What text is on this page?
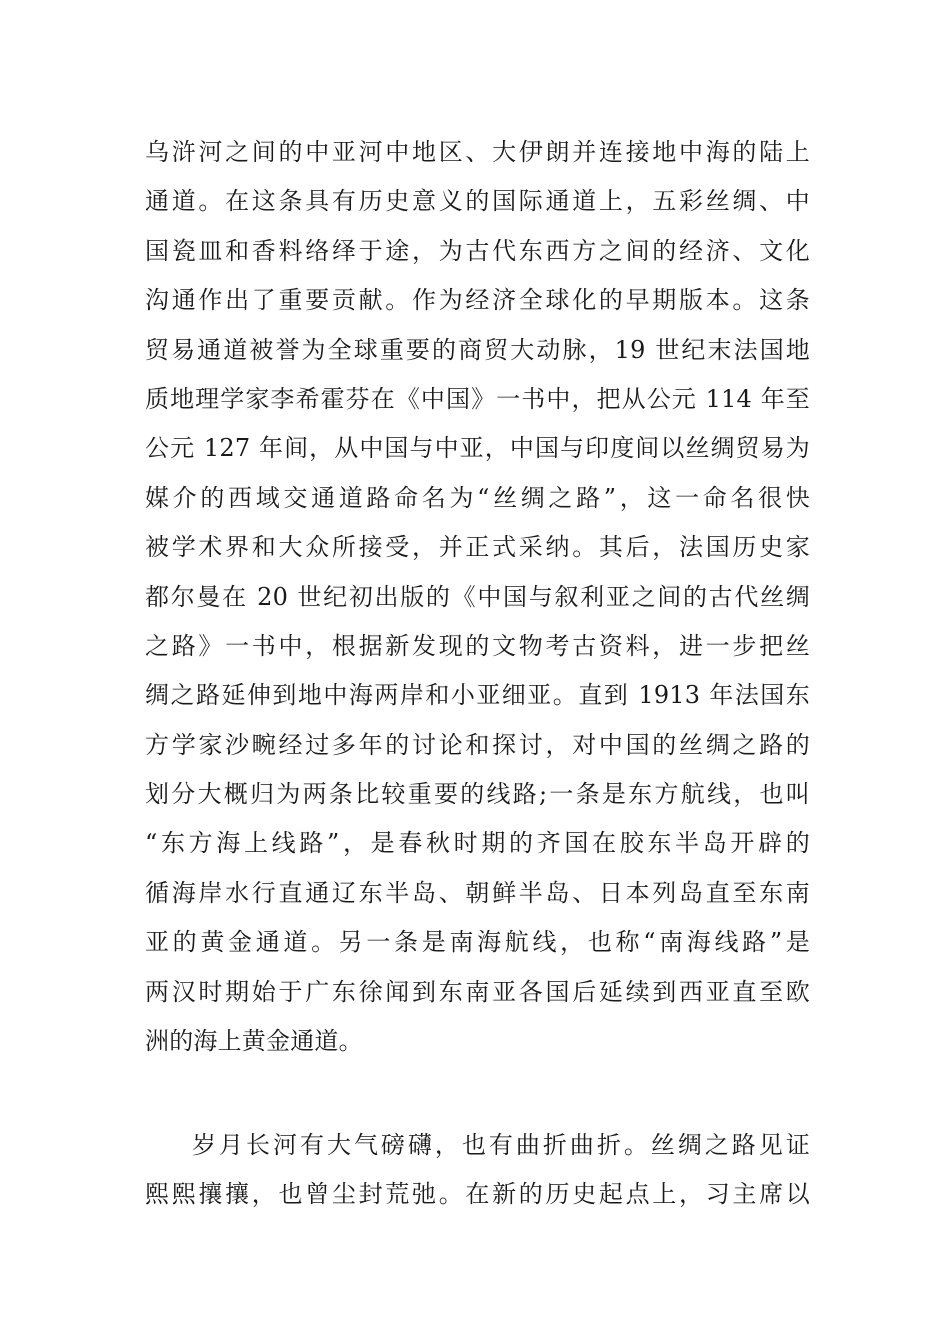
乌浒河之间的中亚河中地区、大伊朗并连接地中海的陆上
通道。在这条具有历史意义的国际通道上，五彩丝绸、中
国瓷皿和香料络绎于途，为古代东西方之间的经济、文化
沟通作出了重要贡献。作为经济全球化的早期版本。这条
贸易通道被誉为全球重要的商贸大动脉，19 世纪末法国地
质地理学家李希霍芬在《中国》一书中，把从公元 114 年至
公元 127 年间，从中国与中亚，中国与印度间以丝绸贸易为
媒介的西域交通道路命名为“丝绸之路”，这一命名很快
被学术界和大众所接受，并正式采纳。其后，法国历史家
都尔曼在 20 世纪初出版的《中国与叙利亚之间的古代丝绸
之路》一书中，根据新发现的文物考古资料，进一步把丝
绸之路延伸到地中海两岸和小亚细亚。直到 1913 年法国东
方学家沙畹经过多年的讨论和探讨，对中国的丝绸之路的
划分大概归为两条比较重要的线路;一条是东方航线，也叫
“东方海上线路”，是春秋时期的齐国在胶东半岛开辟的
循海岸水行直通辽东半岛、朝鲜半岛、日本列岛直至东南
亚的黄金通道。另一条是南海航线，也称“南海线路”是
两汉时期始于广东徐闻到东南亚各国后延续到西亚直至欧
洲的海上黄金通道。
岁月长河有大气磅礴，也有曲折曲折。丝绸之路见证
熙熙攘攘，也曾尘封荒弛。在新的历史起点上，习主席以
